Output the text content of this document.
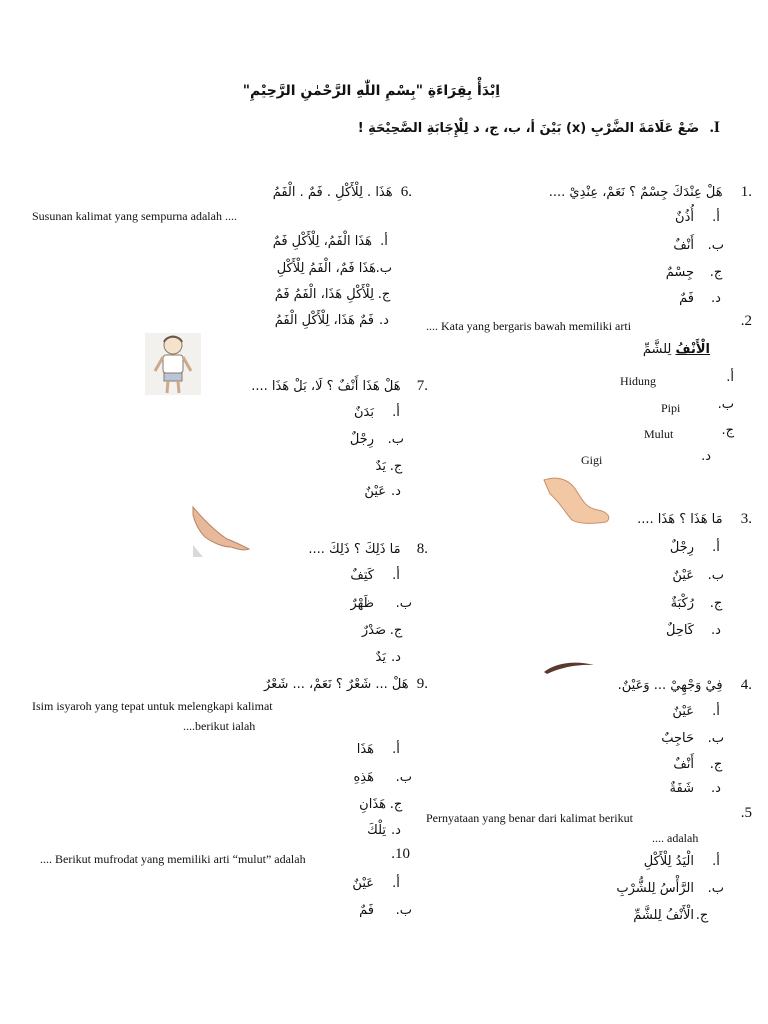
اِبْدَأْ بِقِرَاءَةِ "بِسْمِ اللّٰهِ الرَّحْمٰنِ الرَّحِيْمِ"
I. ضَعْ عَلَامَةَ الضَّرْبِ (x) بَيْنَ أ، ب، ج، د لِلْإِجَابَةِ الصَّحِيْحَةِ !
.1 هَلْ عِنْدَكَ جِسْمٌ ؟ نَعَمْ، عِنْدِيْ ....
أ.
أُذُنٌ
ب.
أَنْفٌ
ج.
جِسْمٌ
د.
فَمٌ
.... Kata yang bergaris bawah memiliki arti	.2
الْأَنْفُ لِلشَّمِّ
Hidung	أ.
Pipi	ب.
Mulut	ج.
Gigi	د.
.3 مَا هَذَا ؟ هَذَا ....
أ.
رِجْلٌ
ب.
عَيْنٌ
ج.
رُكْبَةٌ
د.
كَاحِلٌ
.4 فِيْ وَجْهِيْ ... وَعَيْنٌ.
أ.
عَيْنٌ
ب.
حَاجِبٌ
ج.
أَنْفٌ
د.
شَفَةٌ
Pernyataan yang benar dari kalimat berikut	.5
.... adalah
أ.
الْيَدُ لِلْأَكْلِ
ب.
الرَّأْسُ لِلشُّرْبِ
ج.
الْأَنْفُ لِلشَّمِّ
.6 هَذَا . لِلْأَكْلِ . فَمٌ . الْفَمُ
Susunan kalimat yang sempurna adalah ....
أ.
هَذَا الْفَمُ، لِلْأَكْلِ فَمٌ
ب.
هَذَا فَمٌ، الْفَمُ لِلْأَكْلِ
ج.
لِلْأَكْلِ هَذَا، الْفَمُ فَمٌ
د.
فَمٌ هَذَا، لِلْأَكْلِ الْفَمُ
.7 هَلْ هَذَا أَنْفٌ ؟ لَا، بَلْ هَذَا ....
أ.
بَدَنٌ
ب.
رِجْلٌ
ج.
يَدٌ
د.
عَيْنٌ
.8 مَا ذَلِكَ ؟ ذَلِكَ ....
أ.
كَتِفٌ
ب.
ظَهْرٌ
ج.
صَدْرٌ
د.
يَدٌ
.9 هَلْ ... شَعْرٌ ؟ نَعَمْ، ... شَعْرٌ
Isim isyaroh yang tepat untuk melengkapi kalimat
....berikut ialah
أ.
هَذَا
ب.
هَذِهِ
ج.
هَذَانِ
د.
تِلْكَ
.... Berikut mufrodat yang memiliki arti “mulut” adalah	.10
أ.
عَيْنٌ
ب.
فَمٌ
